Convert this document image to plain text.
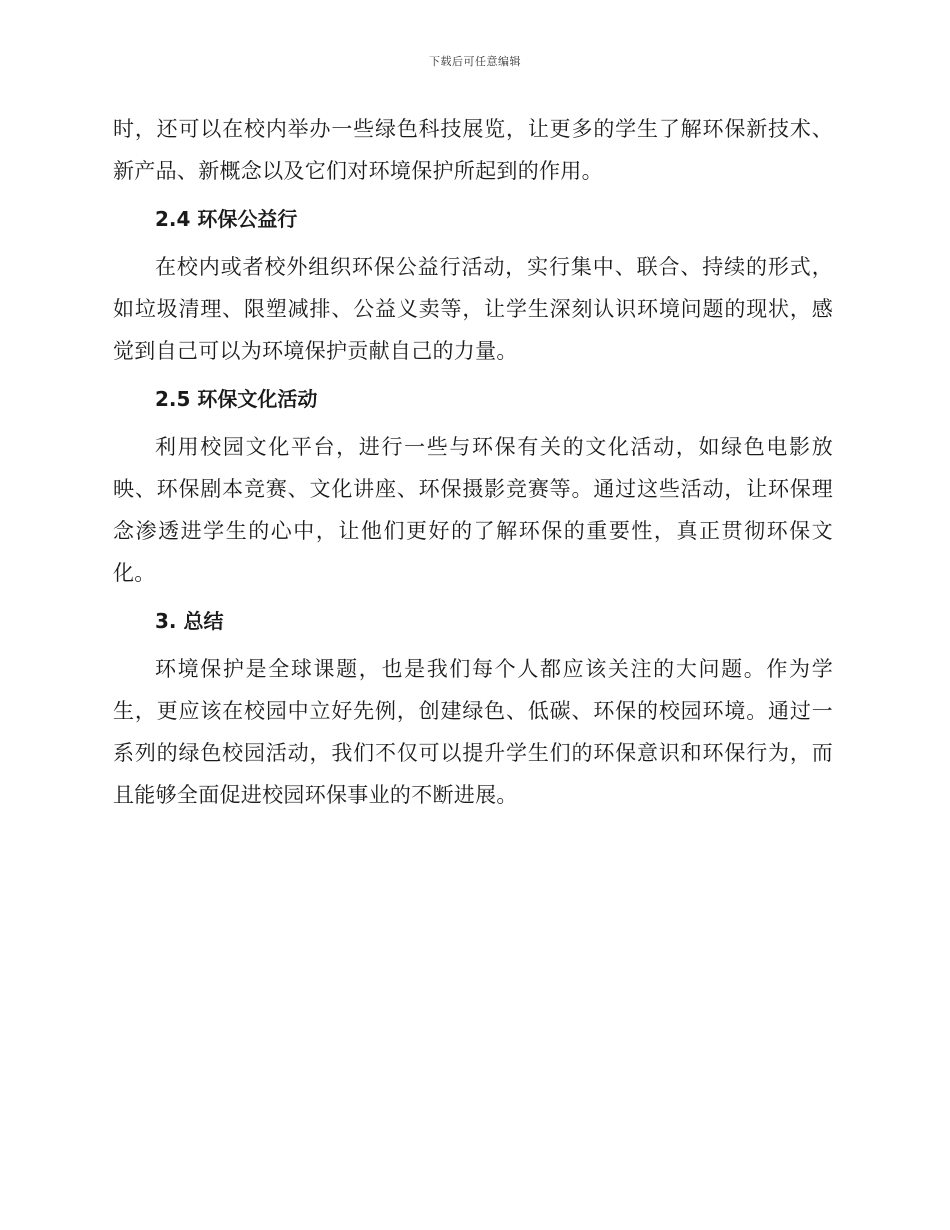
下载后可任意编辑

时，还可以在校内举办一些绿色科技展览，让更多的学生了解环保新技术、新产品、新概念以及它们对环境保护所起到的作用。

2.4 环保公益行

在校内或者校外组织环保公益行活动，实行集中、联合、持续的形式，如垃圾清理、限塑减排、公益义卖等，让学生深刻认识环境问题的现状，感觉到自己可以为环境保护贡献自己的力量。

2.5 环保文化活动

利用校园文化平台，进行一些与环保有关的文化活动，如绿色电影放映、环保剧本竞赛、文化讲座、环保摄影竞赛等。通过这些活动，让环保理念渗透进学生的心中，让他们更好的了解环保的重要性，真正贯彻环保文化。

3. 总结

环境保护是全球课题，也是我们每个人都应该关注的大问题。作为学生，更应该在校园中立好先例，创建绿色、低碳、环保的校园环境。通过一系列的绿色校园活动，我们不仅可以提升学生们的环保意识和环保行为，而且能够全面促进校园环保事业的不断进展。
